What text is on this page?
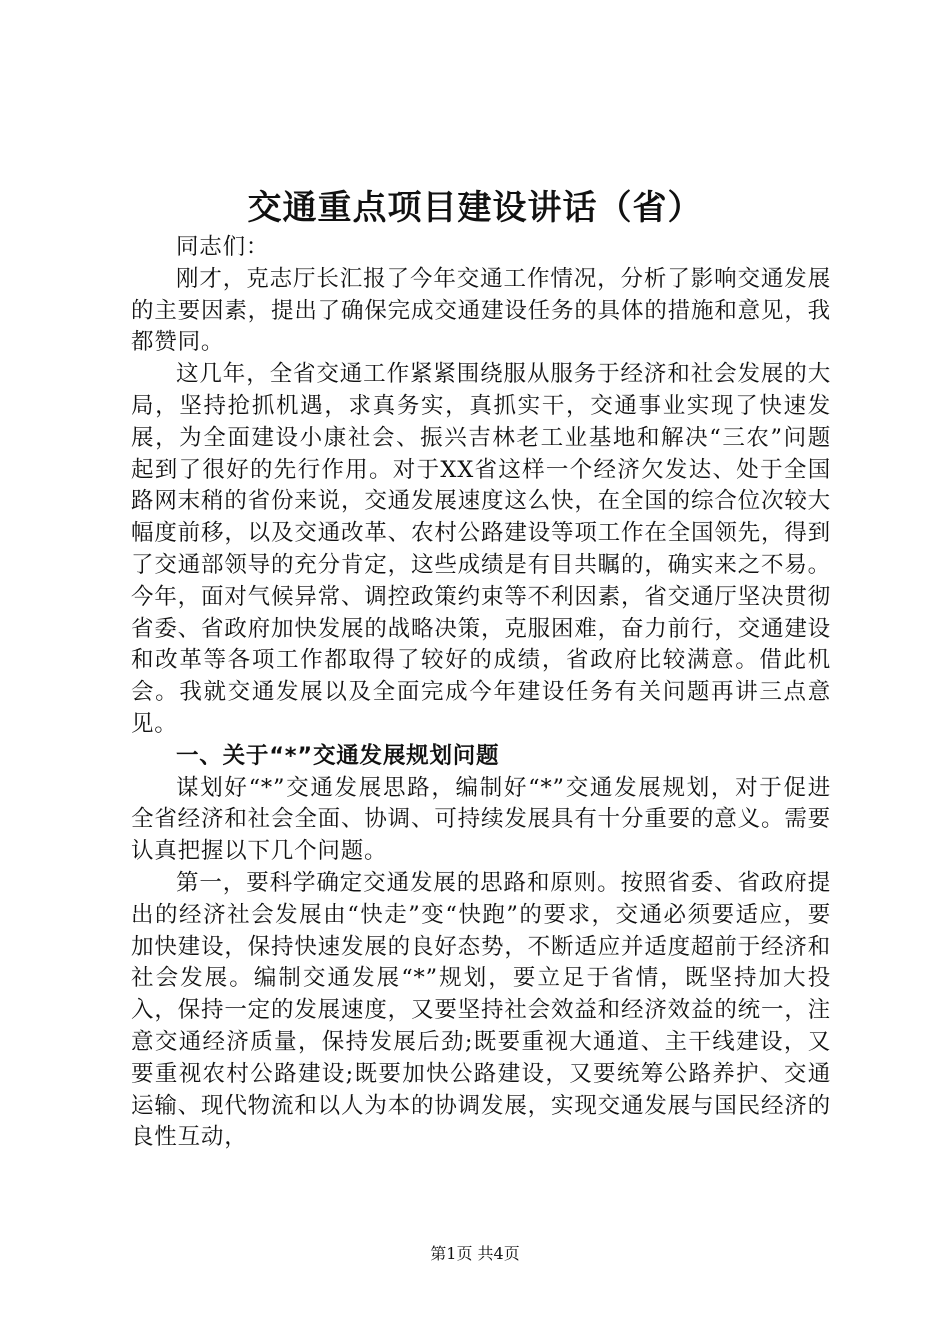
交通重点项目建设讲话（省）

同志们：

刚才，克志厅长汇报了今年交通工作情况，分析了影响交通发展的主要因素，提出了确保完成交通建设任务的具体的措施和意见，我都赞同。

这几年，全省交通工作紧紧围绕服从服务于经济和社会发展的大局，坚持抢抓机遇，求真务实，真抓实干，交通事业实现了快速发展，为全面建设小康社会、振兴吉林老工业基地和解决“三农”问题起到了很好的先行作用。对于XX省这样一个经济欠发达、处于全国路网末稍的省份来说，交通发展速度这么快，在全国的综合位次较大幅度前移，以及交通改革、农村公路建设等项工作在全国领先，得到了交通部领导的充分肯定，这些成绩是有目共瞩的，确实来之不易。今年，面对气候异常、调控政策约束等不利因素，省交通厅坚决贯彻省委、省政府加快发展的战略决策，克服困难，奋力前行，交通建设和改革等各项工作都取得了较好的成绩，省政府比较满意。借此机会。我就交通发展以及全面完成今年建设任务有关问题再讲三点意见。

一、关于“*”交通发展规划问题

谋划好“*”交通发展思路，编制好“*”交通发展规划，对于促进全省经济和社会全面、协调、可持续发展具有十分重要的意义。需要认真把握以下几个问题。

第一，要科学确定交通发展的思路和原则。按照省委、省政府提出的经济社会发展由“快走”变“快跑”的要求，交通必须要适应，要加快建设，保持快速发展的良好态势，不断适应并适度超前于经济和社会发展。编制交通发展“*”规划，要立足于省情，既坚持加大投入，保持一定的发展速度，又要坚持社会效益和经济效益的统一，注意交通经济质量，保持发展后劲;既要重视大通道、主干线建设，又要重视农村公路建设;既要加快公路建设，又要统筹公路养护、交通运输、现代物流和以人为本的协调发展，实现交通发展与国民经济的良性互动，

第1页 共4页
